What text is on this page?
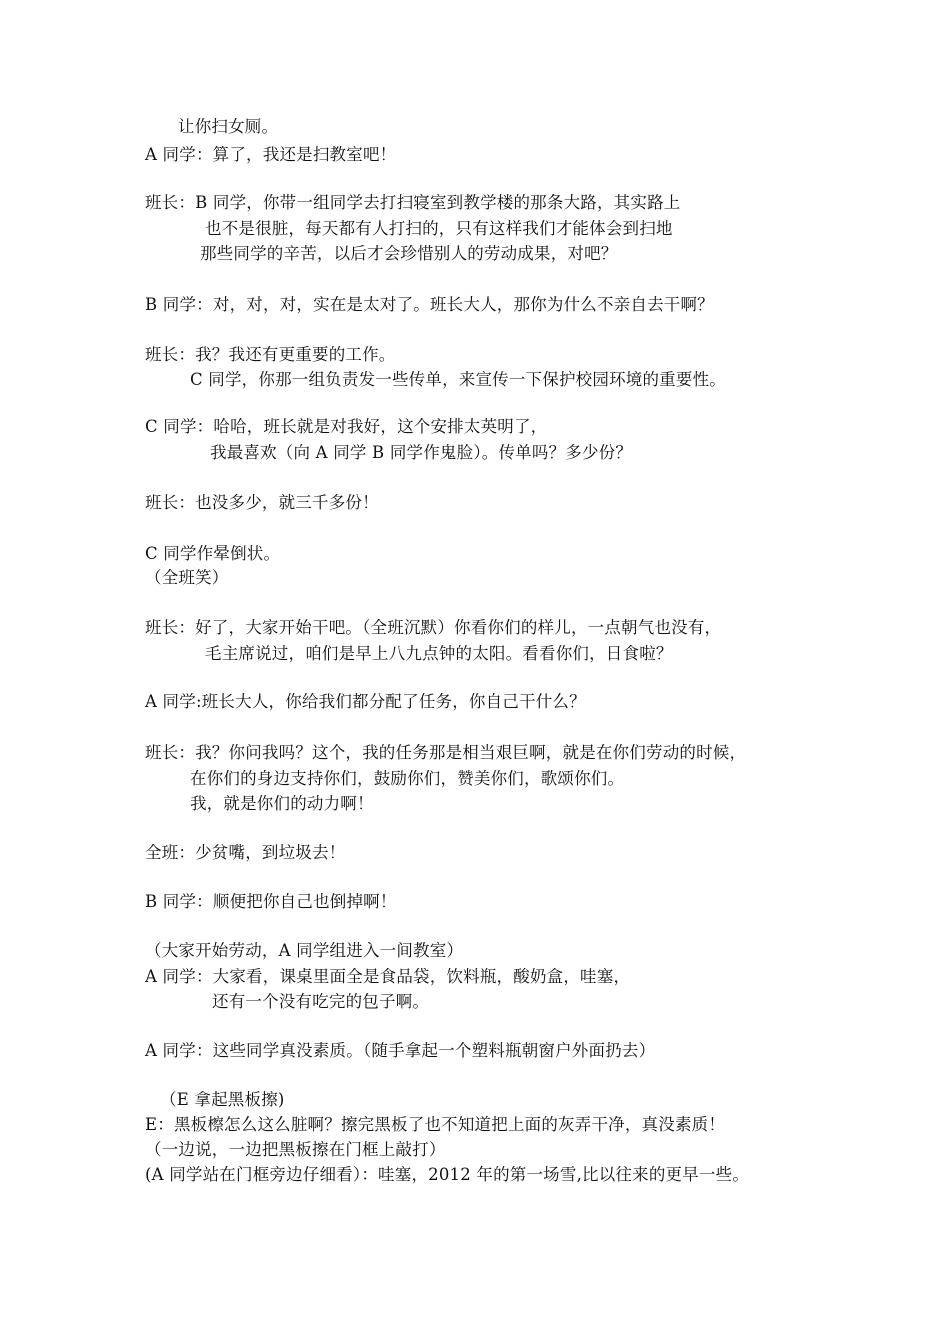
让你扫女厕。
A 同学：算了，我还是扫教室吧！
班长：B 同学，你带一组同学去打扫寝室到教学楼的那条大路，其实路上
也不是很脏，每天都有人打扫的，只有这样我们才能体会到扫地
那些同学的辛苦，以后才会珍惜别人的劳动成果，对吧？
B 同学：对，对，对，实在是太对了。班长大人，那你为什么不亲自去干啊？
班长：我？我还有更重要的工作。
C 同学，你那一组负责发一些传单，来宣传一下保护校园环境的重要性。
C 同学：哈哈，班长就是对我好，这个安排太英明了，
我最喜欢（向 A 同学 B 同学作鬼脸）。传单吗？多少份？
班长：也没多少，就三千多份！
C 同学作晕倒状。
（全班笑）
班长：好了，大家开始干吧。（全班沉默）你看你们的样儿，一点朝气也没有，
毛主席说过，咱们是早上八九点钟的太阳。看看你们，日食啦？
A 同学:班长大人，你给我们都分配了任务，你自己干什么？
班长：我？你问我吗？这个，我的任务那是相当艰巨啊，就是在你们劳动的时候，
在你们的身边支持你们，鼓励你们，赞美你们，歌颂你们。
我，就是你们的动力啊！
全班：少贫嘴，到垃圾去！
B 同学：顺便把你自己也倒掉啊！
（大家开始劳动，A 同学组进入一间教室）
A 同学：大家看，课桌里面全是食品袋，饮料瓶，酸奶盒，哇塞，
还有一个没有吃完的包子啊。
A 同学：这些同学真没素质。（随手拿起一个塑料瓶朝窗户外面扔去）
（E 拿起黑板擦)
E：黑板檫怎么这么脏啊？擦完黑板了也不知道把上面的灰弄干净，真没素质！
（一边说，一边把黑板擦在门框上敲打）
(A 同学站在门框旁边仔细看）：哇塞，2012 年的第一场雪,比以往来的更早一些。
